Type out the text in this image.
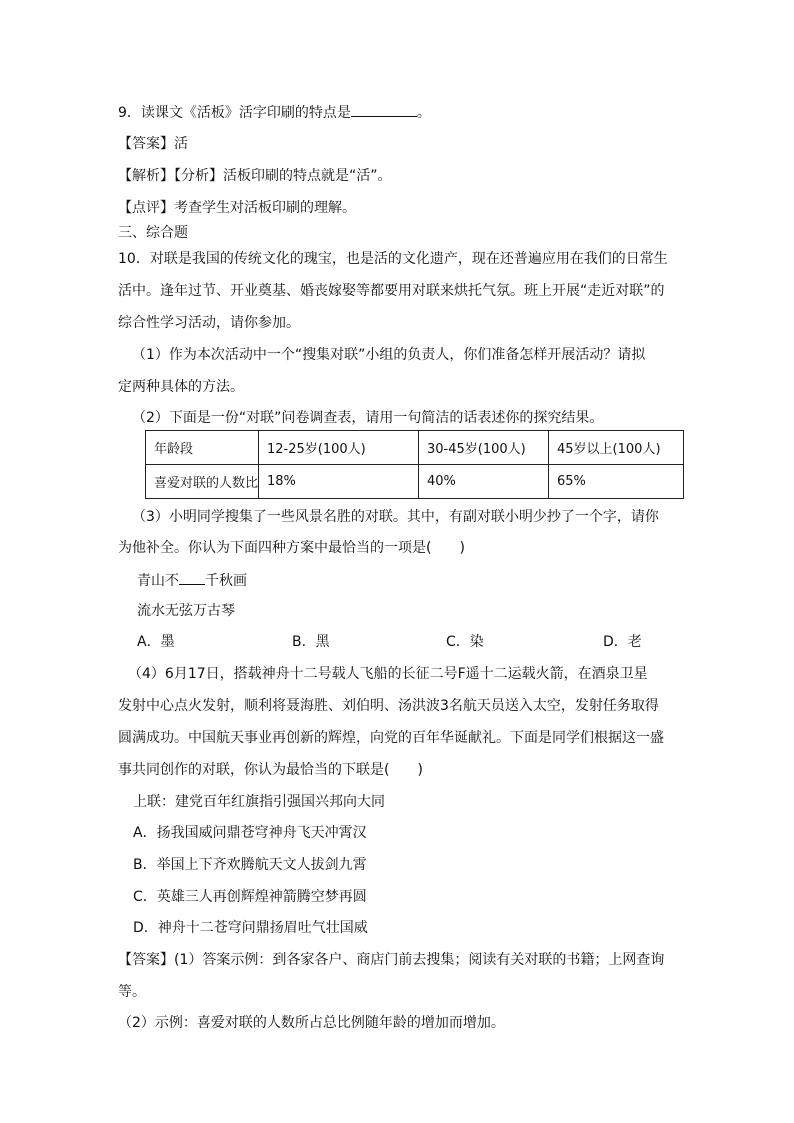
9．读课文《活板》活字印刷的特点是	。
【答案】活
【解析】【分析】活板印刷的特点就是“活”。
【点评】考查学生对活板印刷的理解。
三、综合题
10．对联是我国的传统文化的瑰宝，也是活的文化遗产，现在还普遍应用在我们的日常生
活中。逢年过节、开业奠基、婚丧嫁娶等都要用对联来烘托气氛。班上开展“走近对联”的
综合性学习活动，请你参加。
（1）作为本次活动中一个“搜集对联”小组的负责人，你们准备怎样开展活动？请拟
定两种具体的方法。
（2）下面是一份“对联”问卷调查表，请用一句简洁的话表述你的探究结果。
年龄段	12-25岁(100人)	30-45岁(100人)	45岁以上(100人)
喜爱对联的人数比	18%	40%	65%
（3）小明同学搜集了一些风景名胜的对联。其中，有副对联小明少抄了一个字，请你
为他补全。你认为下面四种方案中最恰当的一项是(　　)
青山不 千秋画
流水无弦万古琴
A．墨	B．黑	C．染	D．老
（4）6月17日，搭载神舟十二号载人飞船的长征二号F遥十二运载火箭，在酒泉卫星
发射中心点火发射，顺利将聂海胜、刘伯明、汤洪波3名航天员送入太空，发射任务取得
圆满成功。中国航天事业再创新的辉煌，向党的百年华诞献礼。下面是同学们根据这一盛
事共同创作的对联，你认为最恰当的下联是(　　)
上联：建党百年红旗指引强国兴邦向大同
A．扬我国威问鼎苍穹神舟飞天冲霄汉
B．举国上下齐欢腾航天文人拔剑九霄
C．英雄三人再创辉煌神箭腾空梦再圆
D．神舟十二苍穹问鼎扬眉吐气壮国威
【答案】(1）答案示例：到各家各户、商店门前去搜集；阅读有关对联的书籍；上网查询
等。
（2）示例：喜爱对联的人数所占总比例随年龄的增加而增加。
